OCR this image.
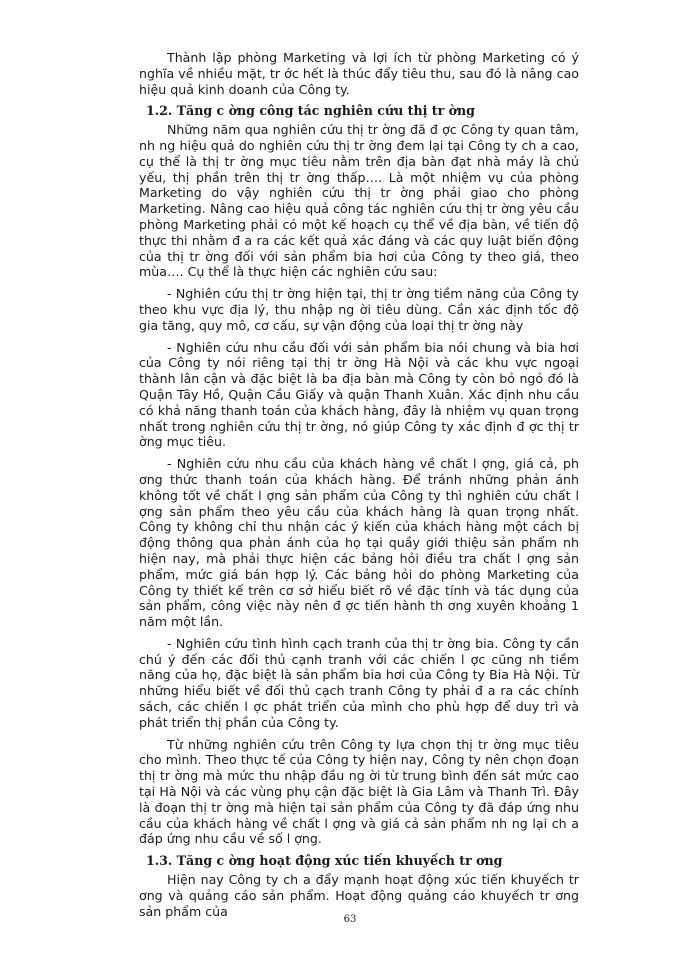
Thành lập phòng Marketing và lợi ích từ phòng Marketing có ý nghĩa về nhiều mặt, tr ớc hết là thúc đẩy tiêu thu, sau đó là nâng cao hiệu quả kinh doanh của Công ty.

1.2. Tăng c ờng công tác nghiên cứu thị tr ờng

Những năm qua nghiên cứu thị tr ờng đã đ ợc Công ty quan tâm, nh ng hiệu quả do nghiên cứu thị tr ờng đem lại tại Công ty ch a cao, cụ thể là thị tr ờng mục tiêu nằm trên địa bàn đạt nhà máy là chủ yếu, thị phần trên thị tr ờng thấp…. Là một nhiệm vụ của phòng Marketing do vậy nghiên cứu thị tr ờng phải giao cho phòng Marketing. Nâng cao hiệu quả công tác nghiên cứu thị tr ờng yêu cầu phòng Marketing phải có một kế hoạch cụ thể về địa bàn, về tiến độ thực thi nhằm đ a ra các kết quả xác đáng và các quy luật biến động của thị tr ờng đối với sản phẩm bia hơi của Công ty theo giá, theo mùa…. Cụ thể là thực hiện các nghiên cứu sau:

- Nghiên cứu thị tr ờng hiện tại, thị tr ờng tiềm năng của Công ty theo khu vực địa lý, thu nhập ng ời tiêu dùng. Cần xác định tốc độ gia tăng, quy mô, cơ cấu, sự vận động của loại thị tr ờng này

- Nghiên cứu nhu cầu đối với sản phẩm bia nói chung và bia hơi của Công ty nói riêng tại thị tr ờng Hà Nội và các khu vực ngoại thành lân cận và đặc biệt là ba địa bàn mà Công ty còn bỏ ngỏ đó là Quận Tây Hồ, Quận Cầu Giấy và quận Thanh Xuân. Xác định nhu cầu có khả năng thanh toán của khách hàng, đây là nhiệm vụ quan trọng nhất trong nghiên cứu thị tr ờng, nó giúp Công ty xác định đ ợc thị tr ờng mục tiêu.

- Nghiên cứu nhu cầu của khách hàng về chất l ợng, giá cả, ph ơng thức thanh toán của khách hàng. Để tránh những phản ánh không tốt về chất l ợng sản phẩm của Công ty thì nghiên cứu chất l ợng sản phẩm theo yêu cầu của khách hàng là quan trọng nhất. Công ty không chỉ thu nhận các ý kiến của khách hàng một cách bị động thông qua phản ánh của họ tại quầy giới thiệu sản phẩm nh hiện nay, mà phải thực hiện các bảng hỏi điều tra chất l ợng sản phẩm, mức giá bán hợp lý. Các bảng hỏi do phòng Marketing của Công ty thiết kế trên cơ sở hiểu biết rõ về đặc tính và tác dụng của sản phẩm, công việc này nên đ ợc tiến hành th ơng xuyên khoảng 1 năm một lần.

- Nghiên cứu tình hình cạch tranh của thị tr ờng bia. Công ty cần chú ý đến các đối thủ cạnh tranh với các chiến l ợc cũng nh tiềm năng của họ, đặc biệt là sản phẩm bia hơi của Công ty Bia Hà Nội. Từ những hiểu biết về đối thủ cạch tranh Công ty phải đ a ra các chính sách, các chiến l ợc phát triển của mình cho phù hợp để duy trì và phát triển thị phần của Công ty.

Từ những nghiên cứu trên Công ty lựa chọn thị tr ờng mục tiêu cho mình. Theo thực tế của Công ty hiện nay, Công ty nên chọn đoạn thị tr ờng mà mức thu nhập đầu ng ời từ trung bình đến sát mức cao tại Hà Nội và các vùng phụ cận đặc biệt là Gia Lâm và Thanh Trì. Đây là đoạn thị tr ờng mà hiện tại sản phẩm của Công ty đã đáp ứng nhu cầu của khách hàng về chất l ợng và giá cả sản phẩm nh ng lại ch a đáp ứng nhu cầu về số l ợng.

1.3. Tăng c ờng hoạt động xúc tiến khuyếch tr ơng

Hiện nay Công ty ch a đẩy mạnh hoạt động xúc tiến khuyếch tr ơng và quảng cáo sản phẩm. Hoạt động quảng cáo khuyếch tr ơng sản phẩm của

63
